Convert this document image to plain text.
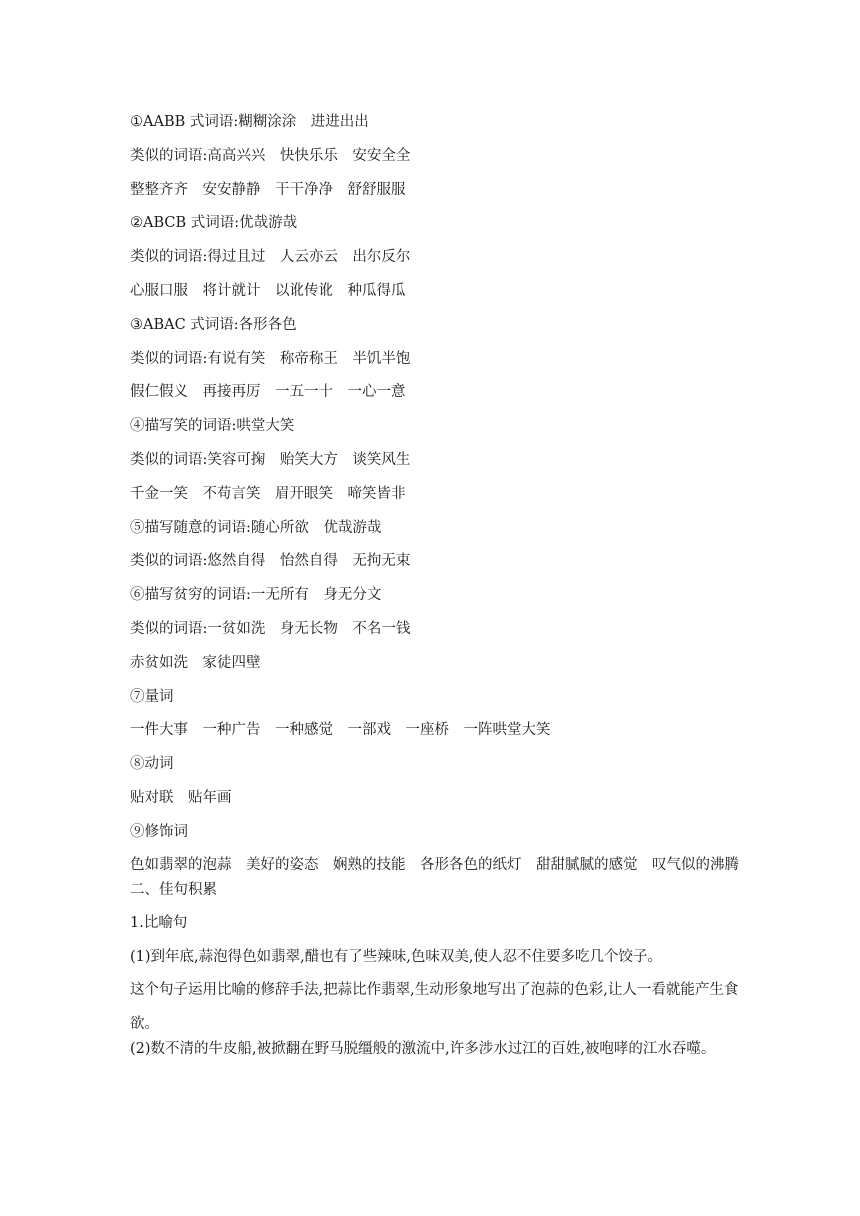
①AABB 式词语:糊糊涂涂　进进出出
类似的词语:高高兴兴　快快乐乐　安安全全
整整齐齐　安安静静　干干净净　舒舒服服
②ABCB 式词语:优哉游哉
类似的词语:得过且过　人云亦云　出尔反尔
心服口服　将计就计　以讹传讹　种瓜得瓜
③ABAC 式词语:各形各色
类似的词语:有说有笑　称帝称王　半饥半饱
假仁假义　再接再厉　一五一十　一心一意
④描写笑的词语:哄堂大笑
类似的词语:笑容可掬　贻笑大方　谈笑风生
千金一笑　不苟言笑　眉开眼笑　啼笑皆非
⑤描写随意的词语:随心所欲　优哉游哉
类似的词语:悠然自得　怡然自得　无拘无束
⑥描写贫穷的词语:一无所有　身无分文
类似的词语:一贫如洗　身无长物　不名一钱
赤贫如洗　家徒四壁
⑦量词
一件大事　一种广告　一种感觉　一部戏　一座桥　一阵哄堂大笑
⑧动词
贴对联　贴年画
⑨修饰词
色如翡翠的泡蒜　美好的姿态　娴熟的技能　各形各色的纸灯　甜甜腻腻的感觉　叹气似的沸腾
二、佳句积累
1.比喻句
(1)到年底,蒜泡得色如翡翠,醋也有了些辣味,色味双美,使人忍不住要多吃几个饺子。
这个句子运用比喻的修辞手法,把蒜比作翡翠,生动形象地写出了泡蒜的色彩,让人一看就能产生食欲。
(2)数不清的牛皮船,被掀翻在野马脱缰般的激流中,许多涉水过江的百姓,被咆哮的江水吞噬。
